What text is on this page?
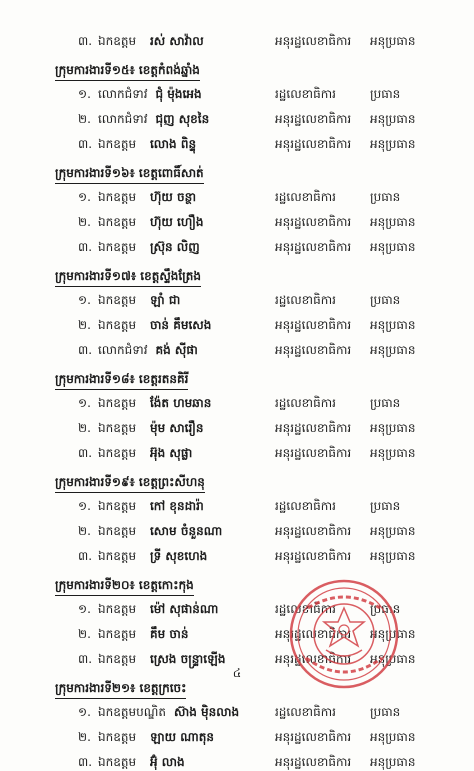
៣. ឯកឧត្តម រស់ សាវ៉ាល	អនុរដ្ឋលេខាធិការ អនុប្រធាន
ក្រុមការងារទី១៥៖ ខេត្តកំពង់ឆ្នាំង
១. លោកជំទាវ ជុំ ម៉ុងអេង	រដ្ឋលេខាធិការ	ប្រធាន
២. លោកជំទាវ ជុញ សុខនៃ	អនុរដ្ឋលេខាធិការ អនុប្រធាន
៣. ឯកឧត្តម លោង ពិន្ទុ	អនុរដ្ឋលេខាធិការ អនុប្រធាន
ក្រុមការងារទី១៦៖ ខេត្តពោធិ៍សាត់
១. ឯកឧត្តម ហ៊ុយ ចន្ថា	រដ្ឋលេខាធិការ	ប្រធាន
២. ឯកឧត្តម ហ៊ុយ ហឿង	អនុរដ្ឋលេខាធិការ អនុប្រធាន
៣. ឯកឧត្តម ស្រ៊ុន លិញ	អនុរដ្ឋលេខាធិការ អនុប្រធាន
ក្រុមការងារទី១៧៖ ខេត្តស្ទឹងត្រែង
១. ឯកឧត្តម ឡាំ ជា	រដ្ឋលេខាធិការ	ប្រធាន
២. ឯកឧត្តម ចាន់ គឹមសេង	អនុរដ្ឋលេខាធិការ អនុប្រធាន
៣. លោកជំទាវ គង់ ស៊ីផា	អនុរដ្ឋលេខាធិការ អនុប្រធាន
ក្រុមការងារទី១៨៖ ខេត្តរតនគិរី
១. ឯកឧត្តម ង៉ែត ហមឆាន	រដ្ឋលេខាធិការ	ប្រធាន
២. ឯកឧត្តម ម៉ុម សារឿន	អនុរដ្ឋលេខាធិការ អនុប្រធាន
៣. ឯកឧត្តម អ៊ុង សុផ្លា	អនុរដ្ឋលេខាធិការ អនុប្រធាន
ក្រុមការងារទី១៩៖ ខេត្តព្រះសីហនុ
១. ឯកឧត្តម កៅ ខុនដារ៉ា	រដ្ឋលេខាធិការ	ប្រធាន
២. ឯកឧត្តម សោម ចំនួនណា	អនុរដ្ឋលេខាធិការ អនុប្រធាន
៣. ឯកឧត្តម ទ្រី សុខហេង	អនុរដ្ឋលេខាធិការ អនុប្រធាន
ក្រុមការងារទី២០៖ ខេត្តកោះកុង
១. ឯកឧត្តម ម៉ៅ សុផាន់ណា	រដ្ឋលេខាធិការ	ប្រធាន
២. ឯកឧត្តម គឹម ចាន់	អនុរដ្ឋលេខាធិការ អនុប្រធាន
៣. ឯកឧត្តម ស្រេង ចន្ទ្រាឡើង	អនុរដ្ឋលេខាធិការ អនុប្រធាន
ក្រុមការងារទី២១៖ ខេត្តក្រចេះ
១. ឯកឧត្តមបណ្ឌិត ស៊ាង ម៉ិនលាង	រដ្ឋលេខាធិការ	ប្រធាន
២. ឯកឧត្តម ឡាយ ណាតុន	អនុរដ្ឋលេខាធិការ អនុប្រធាន
៣. ឯកឧត្តម អ៊ុំ លាង	អនុរដ្ឋលេខាធិការ អនុប្រធាន
៤
